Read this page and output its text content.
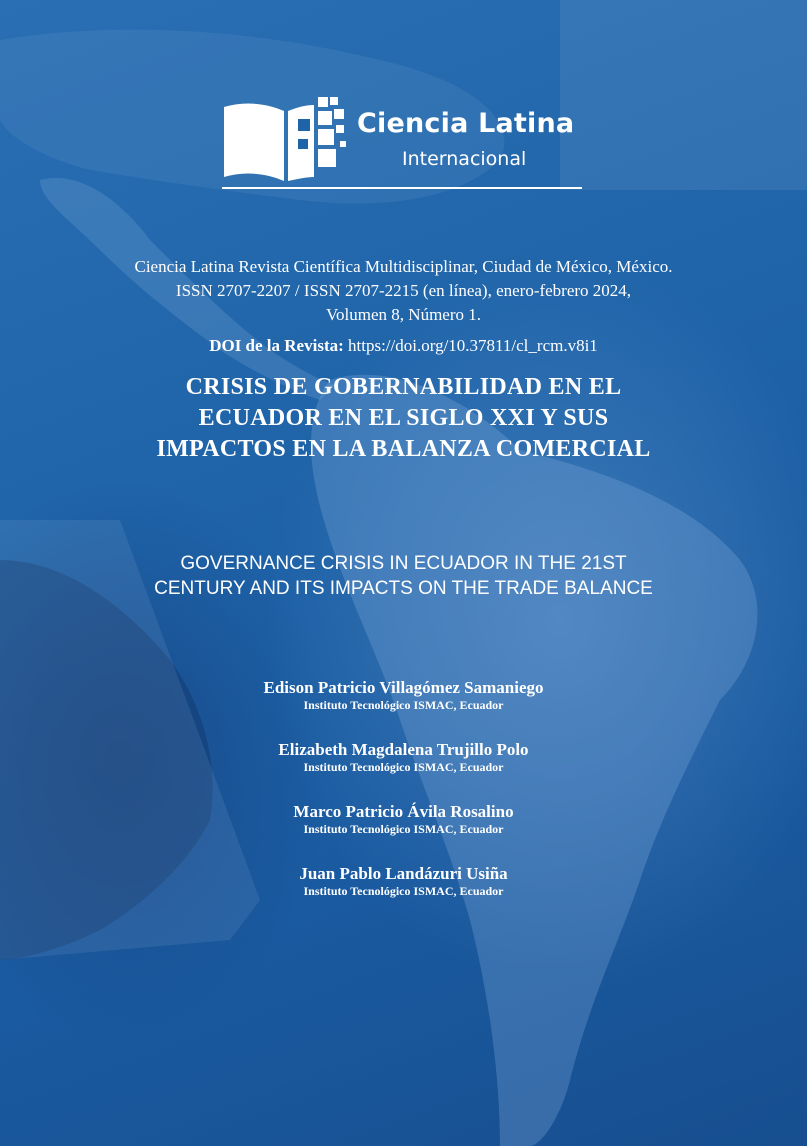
Ciencia Latina
Internacional
Ciencia Latina Revista Científica Multidisciplinar, Ciudad de México, México.
ISSN 2707-2207 / ISSN 2707-2215 (en línea), enero-febrero 2024,
Volumen 8, Número 1.
DOI de la Revista: https://doi.org/10.37811/cl_rcm.v8i1
CRISIS DE GOBERNABILIDAD EN EL
ECUADOR EN EL SIGLO XXI Y SUS
IMPACTOS EN LA BALANZA COMERCIAL
GOVERNANCE CRISIS IN ECUADOR IN THE 21ST
CENTURY AND ITS IMPACTS ON THE TRADE BALANCE
Edison Patricio Villagómez Samaniego
Instituto Tecnológico ISMAC, Ecuador
Elizabeth Magdalena Trujillo Polo
Instituto Tecnológico ISMAC, Ecuador
Marco Patricio Ávila Rosalino
Instituto Tecnológico ISMAC, Ecuador
Juan Pablo Landázuri Usiña
Instituto Tecnológico ISMAC, Ecuador
